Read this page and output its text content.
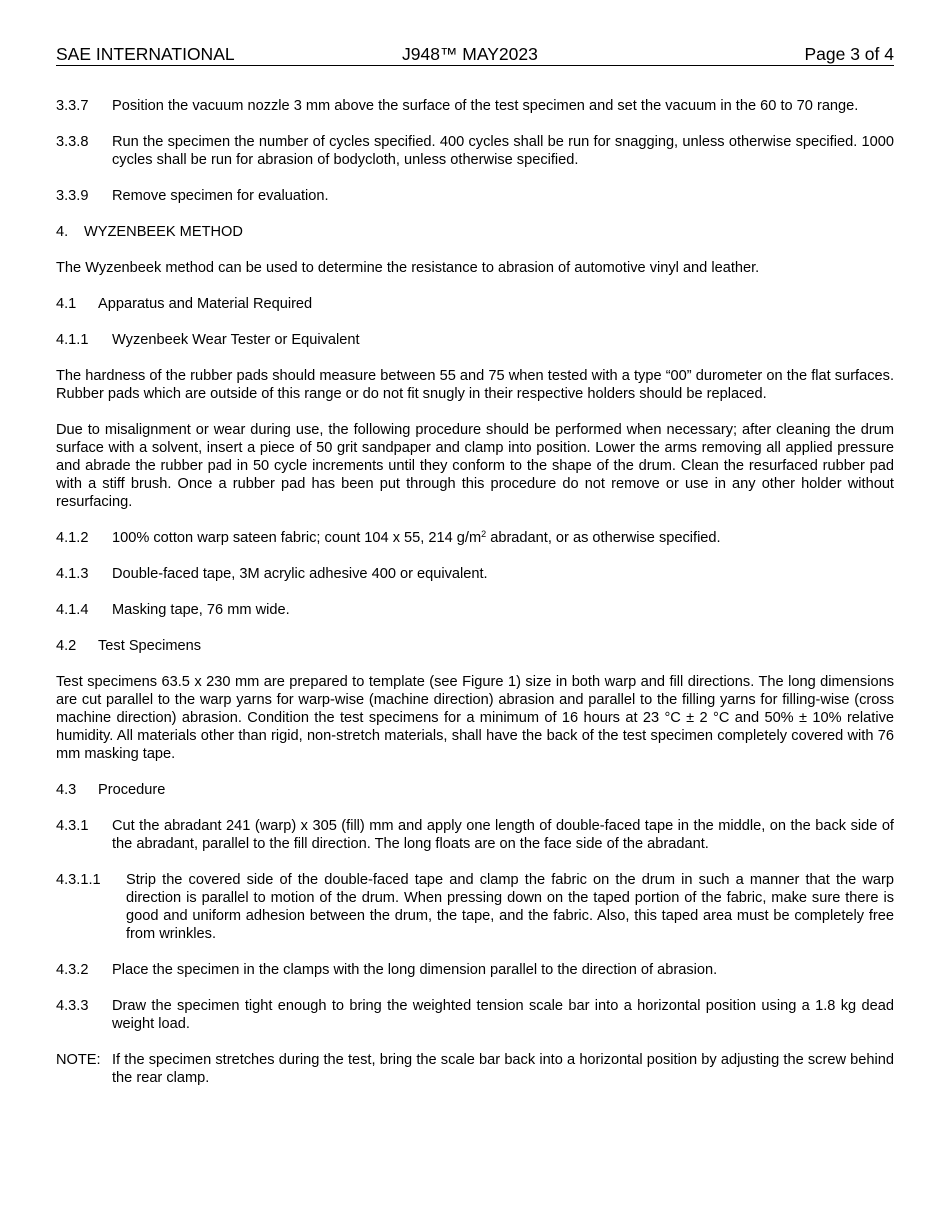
SAE INTERNATIONAL	J948™ MAY2023	Page 3 of 4
3.3.7	Position the vacuum nozzle 3 mm above the surface of the test specimen and set the vacuum in the 60 to 70 range.
3.3.8	Run the specimen the number of cycles specified. 400 cycles shall be run for snagging, unless otherwise specified. 1000 cycles shall be run for abrasion of bodycloth, unless otherwise specified.
3.3.9	Remove specimen for evaluation.
4.	WYZENBEEK METHOD

The Wyzenbeek method can be used to determine the resistance to abrasion of automotive vinyl and leather.

4.1	Apparatus and Material Required
4.1.1	Wyzenbeek Wear Tester or Equivalent

The hardness of the rubber pads should measure between 55 and 75 when tested with a type “00” durometer on the flat surfaces. Rubber pads which are outside of this range or do not fit snugly in their respective holders should be replaced.

Due to misalignment or wear during use, the following procedure should be performed when necessary; after cleaning the drum surface with a solvent, insert a piece of 50 grit sandpaper and clamp into position. Lower the arms removing all applied pressure and abrade the rubber pad in 50 cycle increments until they conform to the shape of the drum. Clean the resurfaced rubber pad with a stiff brush. Once a rubber pad has been put through this procedure do not remove or use in any other holder without resurfacing.

4.1.2	100% cotton warp sateen fabric; count 104 x 55, 214 $g/m^2$ abradant, or as otherwise specified.
4.1.3	Double-faced tape, 3M acrylic adhesive 400 or equivalent.
4.1.4	Masking tape, 76 mm wide.
4.2	Test Specimens

Test specimens 63.5 x 230 mm are prepared to template (see Figure 1) size in both warp and fill directions. The long dimensions are cut parallel to the warp yarns for warp-wise (machine direction) abrasion and parallel to the filling yarns for filling-wise (cross machine direction) abrasion. Condition the test specimens for a minimum of 16 hours at 23 °C ± 2 °C and 50% ± 10% relative humidity. All materials other than rigid, non-stretch materials, shall have the back of the test specimen completely covered with 76 mm masking tape.

4.3	Procedure
4.3.1	Cut the abradant 241 (warp) x 305 (fill) mm and apply one length of double-faced tape in the middle, on the back side of the abradant, parallel to the fill direction. The long floats are on the face side of the abradant.
4.3.1.1	Strip the covered side of the double-faced tape and clamp the fabric on the drum in such a manner that the warp direction is parallel to motion of the drum. When pressing down on the taped portion of the fabric, make sure there is good and uniform adhesion between the drum, the tape, and the fabric. Also, this taped area must be completely free from wrinkles.
4.3.2	Place the specimen in the clamps with the long dimension parallel to the direction of abrasion.
4.3.3	Draw the specimen tight enough to bring the weighted tension scale bar into a horizontal position using a 1.8 kg dead weight load.
NOTE: If the specimen stretches during the test, bring the scale bar back into a horizontal position by adjusting the screw behind the rear clamp.
